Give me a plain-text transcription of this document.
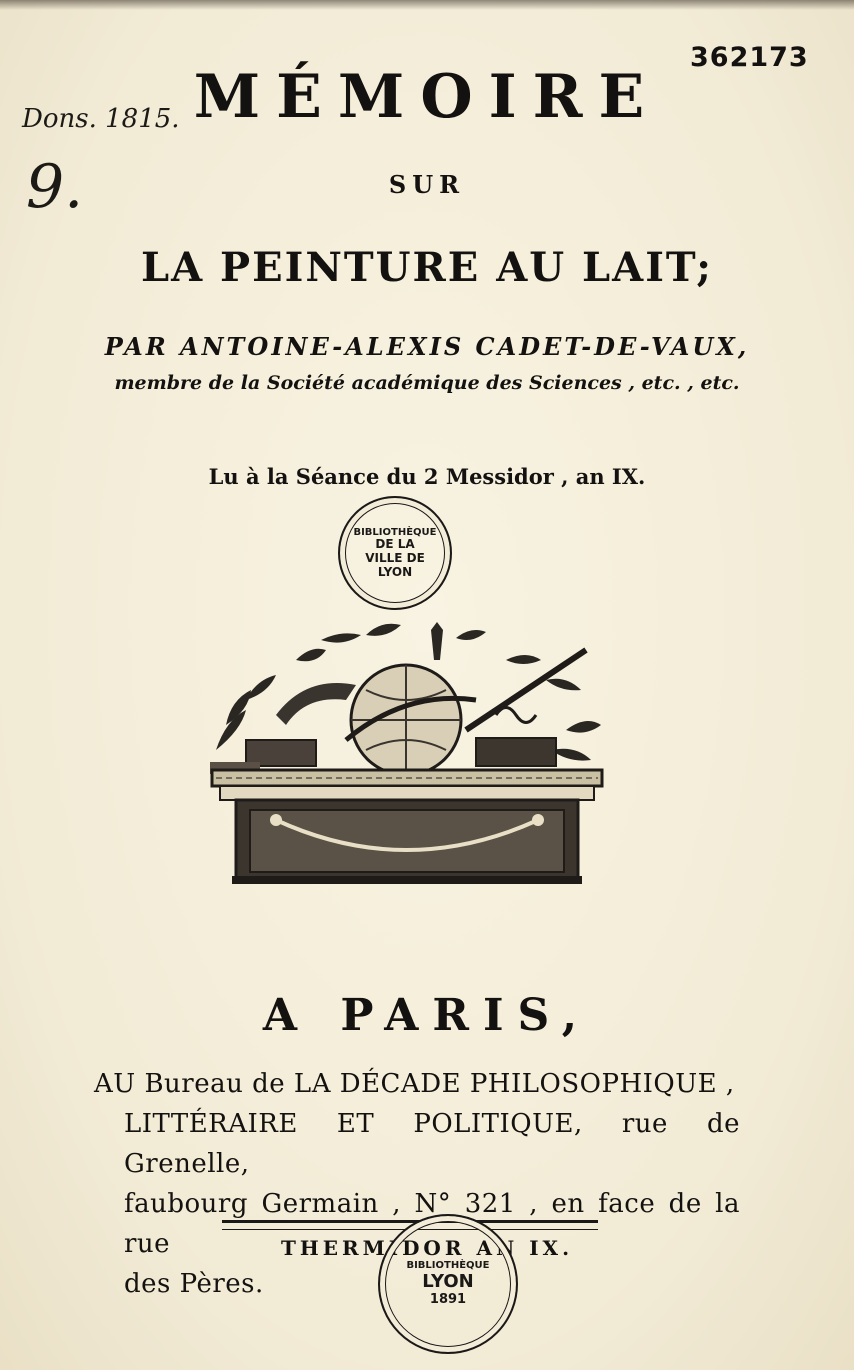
362173
Dons. 1815.
9.
MÉMOIRE
SUR
LA PEINTURE AU LAIT;
PAR ANTOINE-ALEXIS CADET-DE-VAUX,
membre de la Société académique des Sciences , etc. , etc.
Lu à la Séance du 2 Messidor , an IX.
BIBLIOTHÈQUE
DE LA
VILLE DE
LYON
A PARIS,
AU Bureau de LA DÉCADE PHILOSOPHIQUE ,
LITTÉRAIRE ET POLITIQUE, rue de Grenelle,
faubourg Germain , N° 321 , en face de la rue
des Pères.
THERMIDOR AN IX.
BIBLIOTHÈQUE
LYON
1891
